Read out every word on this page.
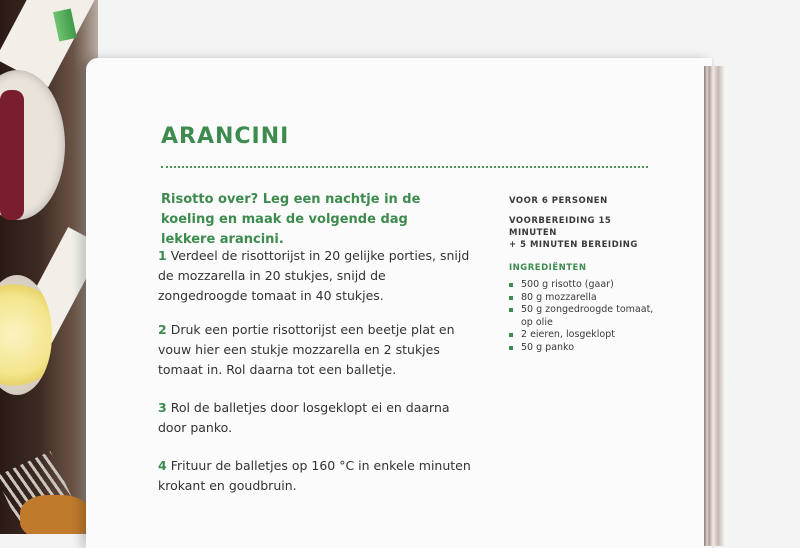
ARANCINI
Risotto over? Leg een nachtje in de koeling en maak de volgende dag lekkere arancini.
1 Verdeel de risottorijst in 20 gelijke porties, snijd de mozzarella in 20 stukjes, snijd de zongedroogde tomaat in 40 stukjes.
2 Druk een portie risottorijst een beetje plat en vouw hier een stukje mozzarella en 2 stukjes tomaat in. Rol daarna tot een balletje.
3 Rol de balletjes door losgeklopt ei en daarna door panko.
4 Frituur de balletjes op 160 °C in enkele minuten krokant en goudbruin.
VOOR 6 PERSONEN
VOORBEREIDING 15 MINUTEN
+ 5 MINUTEN BEREIDING
INGREDIËNTEN
500 g risotto (gaar)
80 g mozzarella
50 g zongedroogde tomaat, op olie
2 eieren, losgeklopt
50 g panko
